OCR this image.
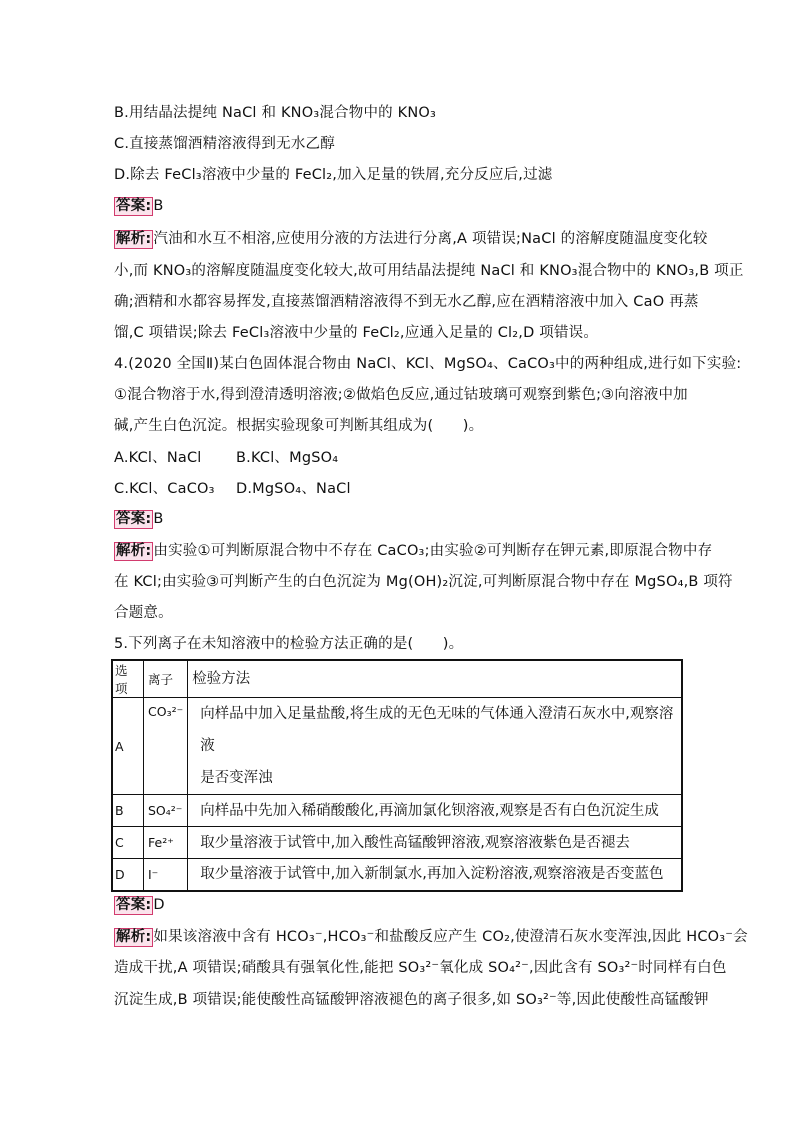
B.用结晶法提纯 NaCl 和 KNO₃混合物中的 KNO₃
C.直接蒸馏酒精溶液得到无水乙醇
D.除去 FeCl₃溶液中少量的 FeCl₂,加入足量的铁屑,充分反应后,过滤
答案: B
解析: 汽油和水互不相溶,应使用分液的方法进行分离,A 项错误;NaCl 的溶解度随温度变化较
小,而 KNO₃的溶解度随温度变化较大,故可用结晶法提纯 NaCl 和 KNO₃混合物中的 KNO₃,B 项正
确;酒精和水都容易挥发,直接蒸馏酒精溶液得不到无水乙醇,应在酒精溶液中加入 CaO 再蒸
馏,C 项错误;除去 FeCl₃溶液中少量的 FeCl₂,应通入足量的 Cl₂,D 项错误。
4.(2020 全国Ⅱ)某白色固体混合物由 NaCl、KCl、MgSO₄、CaCO₃中的两种组成,进行如下实验:
①混合物溶于水,得到澄清透明溶液;②做焰色反应,通过钴玻璃可观察到紫色;③向溶液中加
碱,产生白色沉淀。根据实验现象可判断其组成为(　　)。
A.KCl、NaCl B.KCl、MgSO₄
C.KCl、CaCO₃ D.MgSO₄、NaCl
答案: B
解析: 由实验①可判断原混合物中不存在 CaCO₃;由实验②可判断存在钾元素,即原混合物中存
在 KCl;由实验③可判断产生的白色沉淀为 Mg(OH)₂沉淀,可判断原混合物中存在 MgSO₄,B 项符
合题意。
5.下列离子在未知溶液中的检验方法正确的是(　　)。
选项	离子	检验方法
A	CO₃²⁻	向样品中加入足量盐酸,将生成的无色无味的气体通入澄清石灰水中,观察溶液
是否变浑浊

B	SO₄²⁻	向样品中先加入稀硝酸酸化,再滴加氯化钡溶液,观察是否有白色沉淀生成
C	Fe²⁺	取少量溶液于试管中,加入酸性高锰酸钾溶液,观察溶液紫色是否褪去
D	I⁻	取少量溶液于试管中,加入新制氯水,再加入淀粉溶液,观察溶液是否变蓝色
答案: D
解析: 如果该溶液中含有 HCO₃⁻,HCO₃⁻和盐酸反应产生 CO₂,使澄清石灰水变浑浊,因此 HCO₃⁻会
造成干扰,A 项错误;硝酸具有强氧化性,能把 SO₃²⁻氧化成 SO₄²⁻,因此含有 SO₃²⁻时同样有白色
沉淀生成,B 项错误;能使酸性高锰酸钾溶液褪色的离子很多,如 SO₃²⁻等,因此使酸性高锰酸钾
